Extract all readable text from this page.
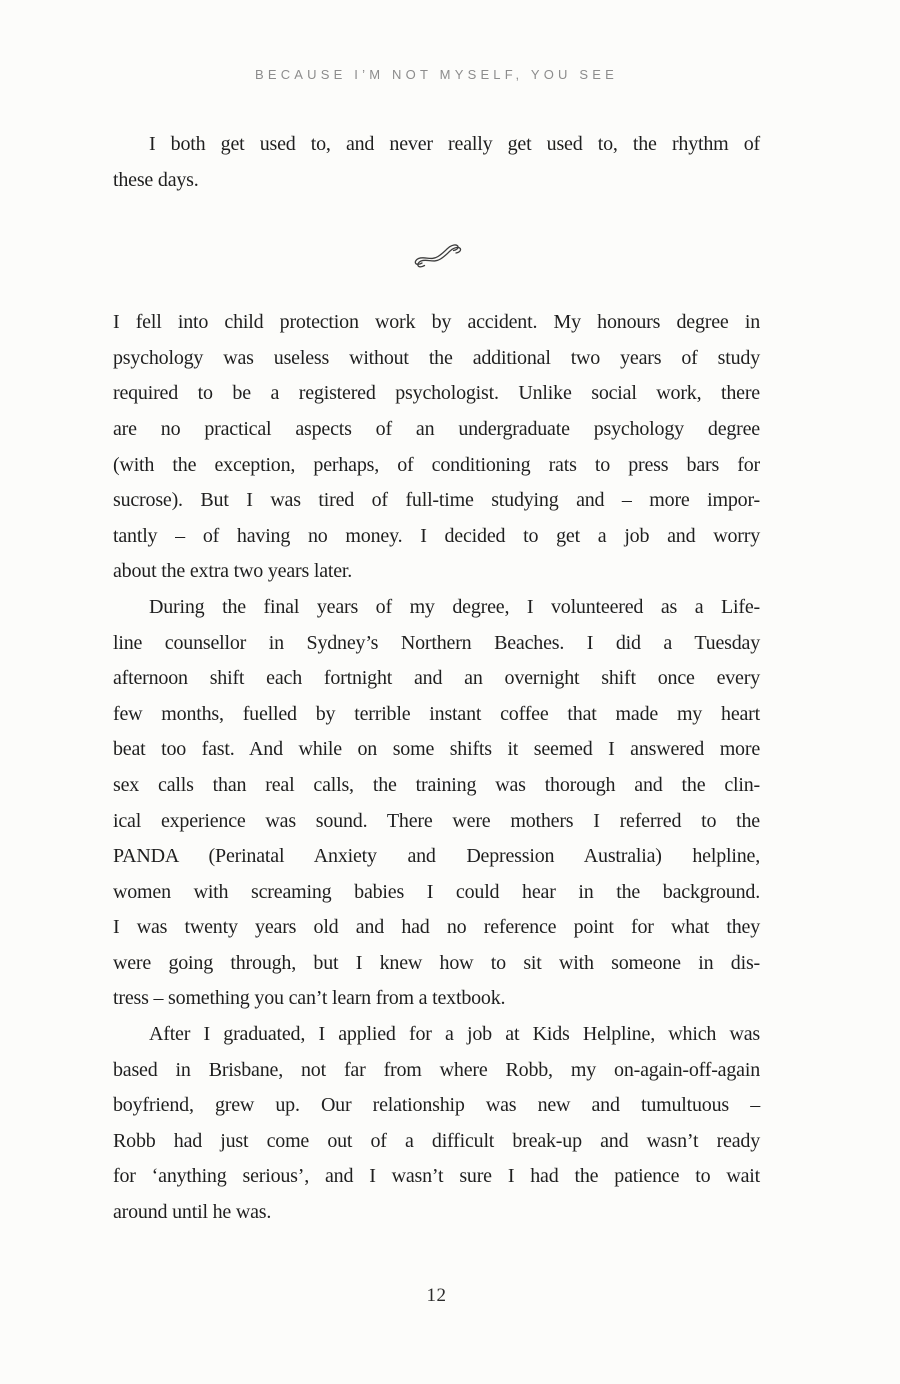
BECAUSE I’M NOT MYSELF, YOU SEE
I both get used to, and never really get used to, the rhythm of
these days.
I fell into child protection work by accident. My honours degree in
psychology was useless without the additional two years of study
required to be a registered psychologist. Unlike social work, there
are no practical aspects of an undergraduate psychology degree
(with the exception, perhaps, of conditioning rats to press bars for
sucrose). But I was tired of full-time studying and – more impor-
tantly – of having no money. I decided to get a job and worry
about the extra two years later.
During the final years of my degree, I volunteered as a Life-
line counsellor in Sydney’s Northern Beaches. I did a Tuesday
afternoon shift each fortnight and an overnight shift once every
few months, fuelled by terrible instant coffee that made my heart
beat too fast. And while on some shifts it seemed I answered more
sex calls than real calls, the training was thorough and the clin-
ical experience was sound. There were mothers I referred to the
PANDA (Perinatal Anxiety and Depression Australia) helpline,
women with screaming babies I could hear in the background.
I was twenty years old and had no reference point for what they
were going through, but I knew how to sit with someone in dis-
tress – something you can’t learn from a textbook.
After I graduated, I applied for a job at Kids Helpline, which was
based in Brisbane, not far from where Robb, my on-again-off-again
boyfriend, grew up. Our relationship was new and tumultuous –
Robb had just come out of a difficult break-up and wasn’t ready
for ‘anything serious’, and I wasn’t sure I had the patience to wait
around until he was.
12
